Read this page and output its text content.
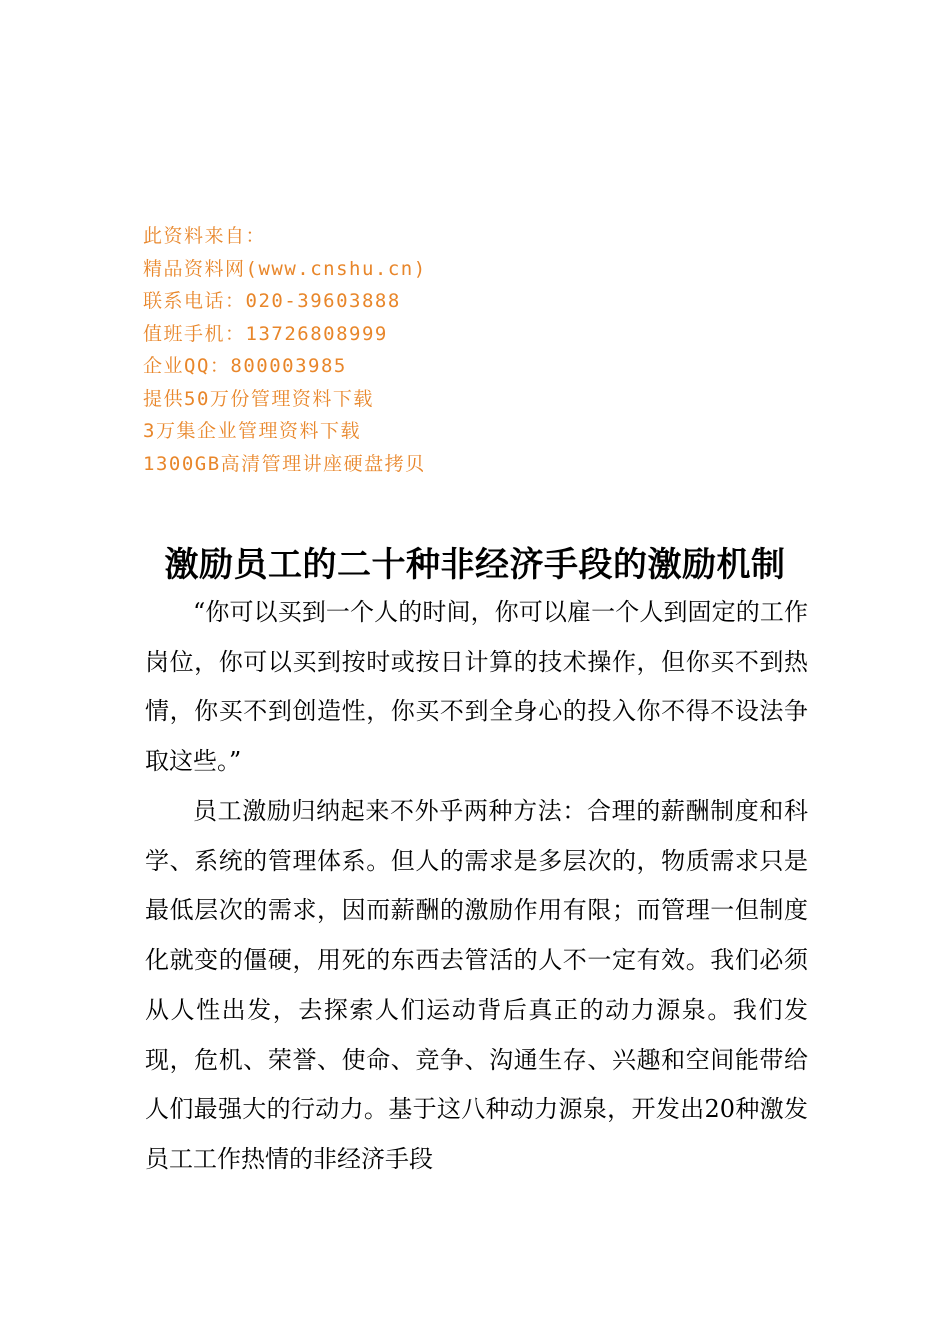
此资料来自：
精品资料网(www.cnshu.cn)
联系电话：020-39603888
值班手机：13726808999
企业QQ：800003985
提供50万份管理资料下载
3万集企业管理资料下载
1300GB高清管理讲座硬盘拷贝
激励员工的二十种非经济手段的激励机制

“你可以买到一个人的时间，你可以雇一个人到固定的工作岗位，你可以买到按时或按日计算的技术操作，但你买不到热情，你买不到创造性，你买不到全身心的投入你不得不设法争取这些。”

员工激励归纳起来不外乎两种方法：合理的薪酬制度和科学、系统的管理体系。但人的需求是多层次的，物质需求只是最低层次的需求，因而薪酬的激励作用有限；而管理一但制度化就变的僵硬，用死的东西去管活的人不一定有效。我们必须从人性出发，去探索人们运动背后真正的动力源泉。我们发现，危机、荣誉、使命、竞争、沟通生存、兴趣和空间能带给人们最强大的行动力。基于这八种动力源泉，开发出20种激发员工工作热情的非经济手段
